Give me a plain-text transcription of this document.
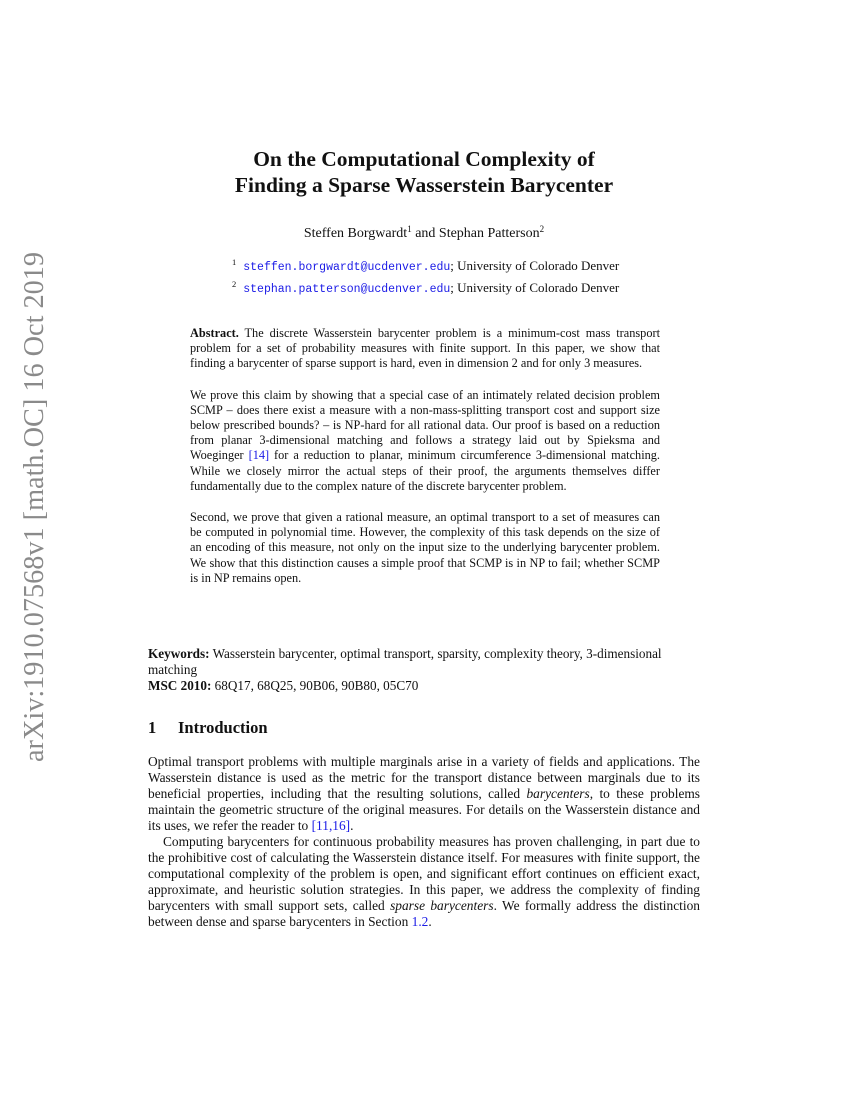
arXiv:1910.07568v1 [math.OC] 16 Oct 2019
On the Computational Complexity of
Finding a Sparse Wasserstein Barycenter
Steffen Borgwardt$^1$ and Stephan Patterson$^2$
$^1$ steffen.borgwardt@ucdenver.edu; University of Colorado Denver
$^2$ stephan.patterson@ucdenver.edu; University of Colorado Denver

Abstract. The discrete Wasserstein barycenter problem is a minimum-cost mass transport problem for a set of probability measures with finite support. In this paper, we show that finding a barycenter of sparse support is hard, even in dimension 2 and for only 3 measures.

We prove this claim by showing that a special case of an intimately related decision problem SCMP – does there exist a measure with a non-mass-splitting transport cost and support size below prescribed bounds? – is NP-hard for all rational data. Our proof is based on a reduction from planar 3-dimensional matching and follows a strategy laid out by Spieksma and Woeginger [14] for a reduction to planar, minimum circumference 3-dimensional matching. While we closely mirror the actual steps of their proof, the arguments themselves differ fundamentally due to the complex nature of the discrete barycenter problem.

Second, we prove that given a rational measure, an optimal transport to a set of measures can be computed in polynomial time. However, the complexity of this task depends on the size of an encoding of this measure, not only on the input size to the underlying barycenter problem. We show that this distinction causes a simple proof that SCMP is in NP to fail; whether SCMP is in NP remains open.

Keywords: Wasserstein barycenter, optimal transport, sparsity, complexity theory, 3-dimensional matching
MSC 2010: 68Q17, 68Q25, 90B06, 90B80, 05C70
1 Introduction

Optimal transport problems with multiple marginals arise in a variety of fields and applications. The Wasserstein distance is used as the metric for the transport distance between marginals due to its beneficial properties, including that the resulting solutions, called barycenters, to these problems maintain the geometric structure of the original measures. For details on the Wasserstein distance and its uses, we refer the reader to [11,16].

Computing barycenters for continuous probability measures has proven challenging, in part due to the prohibitive cost of calculating the Wasserstein distance itself. For measures with finite support, the computational complexity of the problem is open, and significant effort continues on efficient exact, approximate, and heuristic solution strategies. In this paper, we address the complexity of finding barycenters with small support sets, called sparse barycenters. We formally address the distinction between dense and sparse barycenters in Section 1.2.
